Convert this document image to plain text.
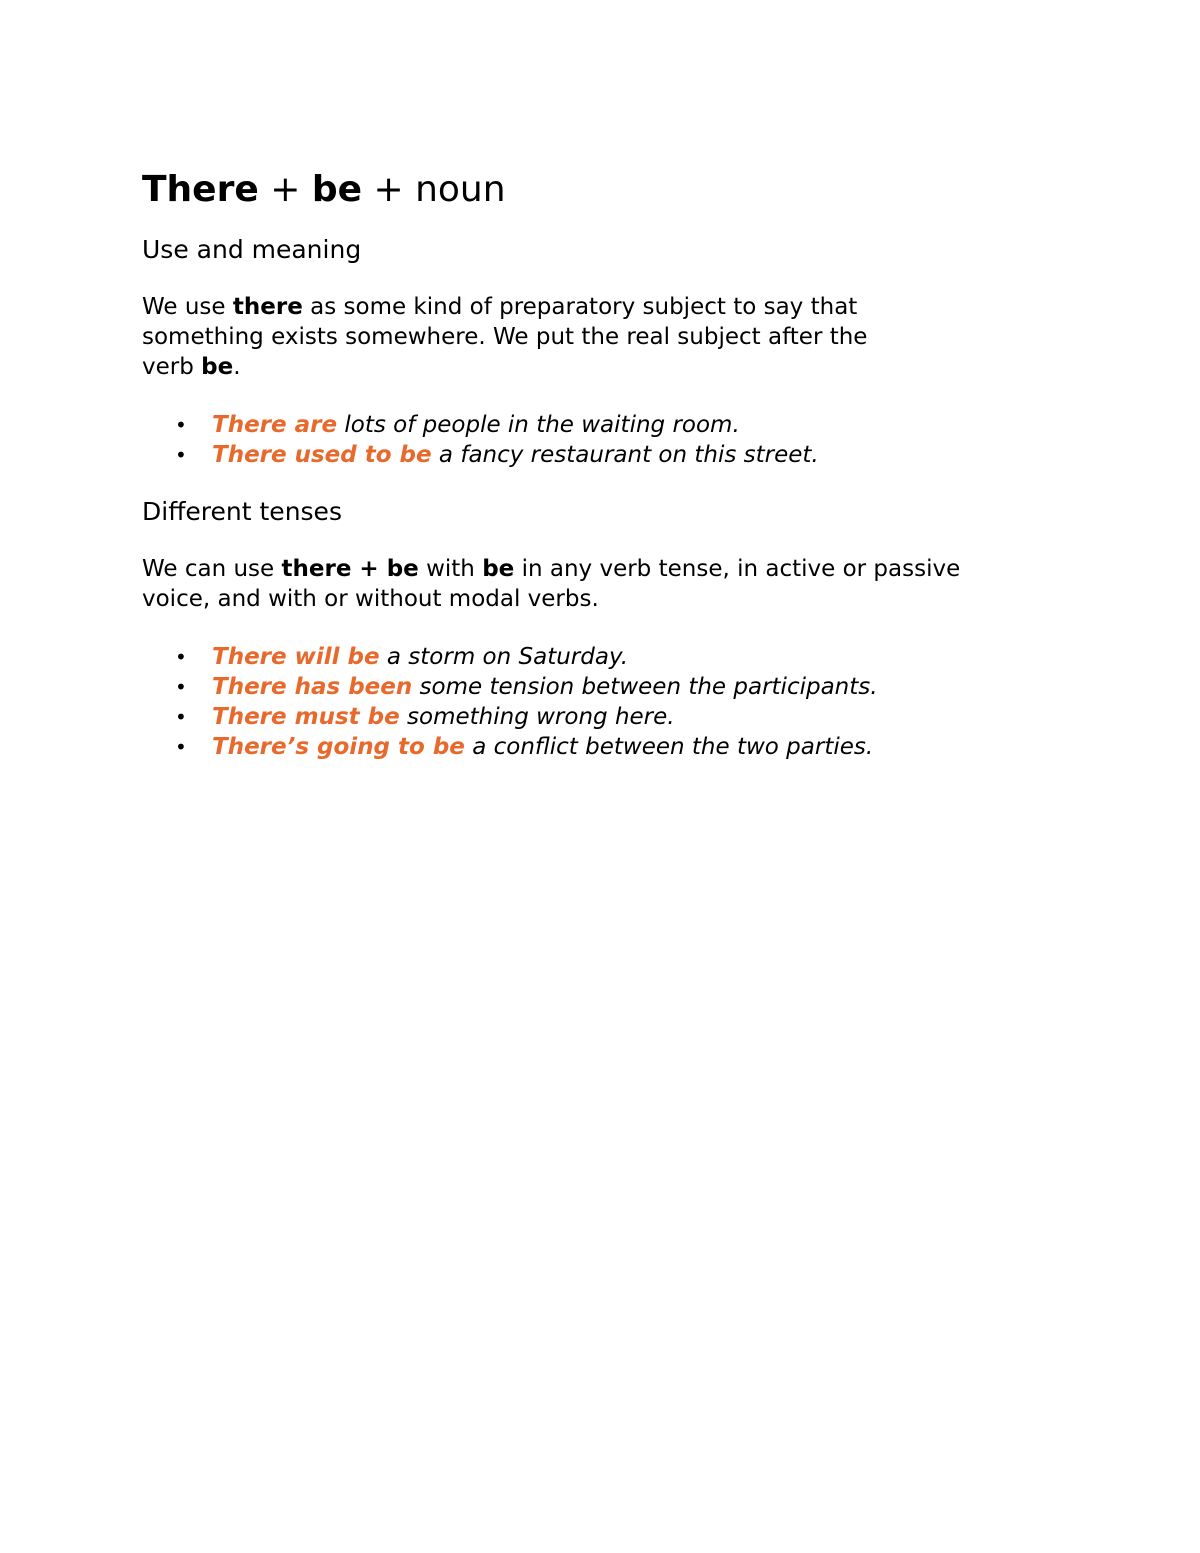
There + be + noun
Use and meaning

We use there as some kind of preparatory subject to say that
something exists somewhere. We put the real subject after the
verb be.

• There are lots of people in the waiting room.
• There used to be a fancy restaurant on this street.
Different tenses

We can use there + be with be in any verb tense, in active or passive
voice, and with or without modal verbs.

• There will be a storm on Saturday.
• There has been some tension between the participants.
• There must be something wrong here.
• There’s going to be a conflict between the two parties.
